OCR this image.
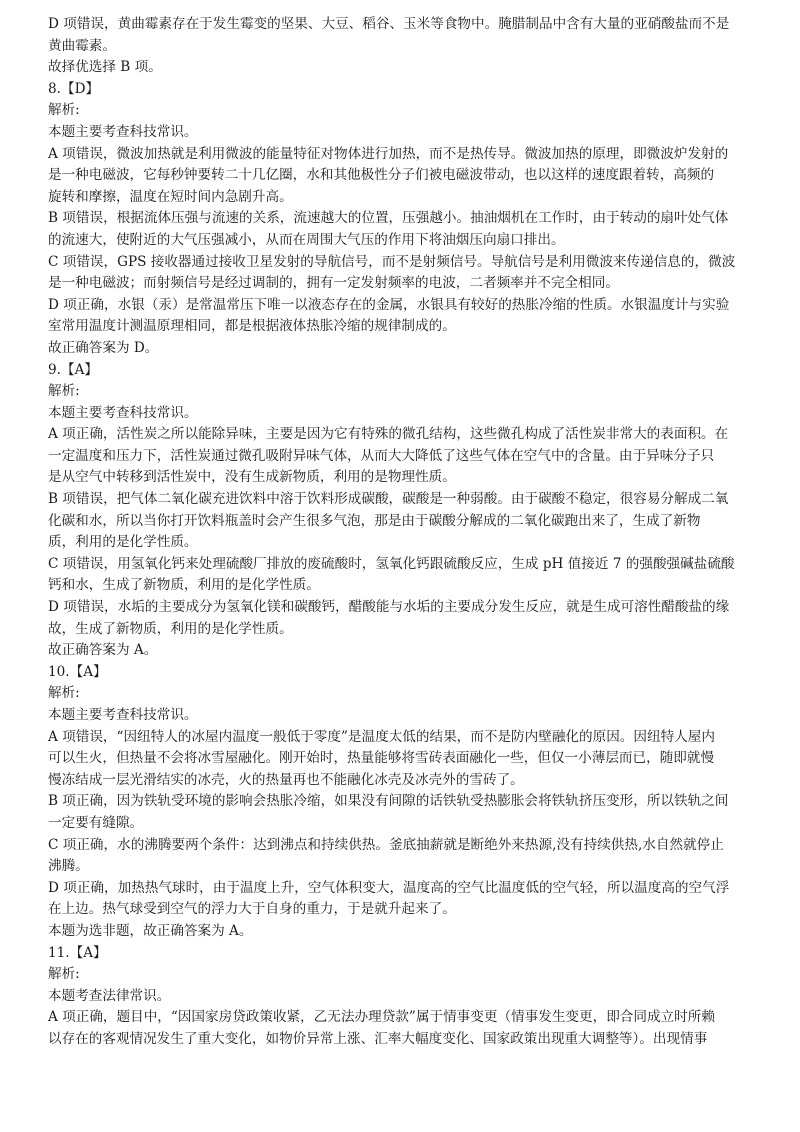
D 项错误，黄曲霉素存在于发生霉变的坚果、大豆、稻谷、玉米等食物中。腌腊制品中含有大量的亚硝酸盐而不是
黄曲霉素。
故择优选择 B 项。
8.【D】
解析:
本题主要考查科技常识。
A 项错误，微波加热就是利用微波的能量特征对物体进行加热，而不是热传导。微波加热的原理，即微波炉发射的
是一种电磁波，它每秒钟要转二十几亿圈，水和其他极性分子们被电磁波带动，也以这样的速度跟着转，高频的
旋转和摩擦，温度在短时间内急剧升高。
B 项错误，根据流体压强与流速的关系，流速越大的位置，压强越小。抽油烟机在工作时，由于转动的扇叶处气体
的流速大，使附近的大气压强减小，从而在周围大气压的作用下将油烟压向扇口排出。
C 项错误，GPS 接收器通过接收卫星发射的导航信号，而不是射频信号。导航信号是利用微波来传递信息的，微波
是一种电磁波；而射频信号是经过调制的，拥有一定发射频率的电波，二者频率并不完全相同。
D 项正确，水银（汞）是常温常压下唯一以液态存在的金属，水银具有较好的热胀冷缩的性质。水银温度计与实验
室常用温度计测温原理相同，都是根据液体热胀冷缩的规律制成的。
故正确答案为 D。
9.【A】
解析:
本题主要考查科技常识。
A 项正确，活性炭之所以能除异味，主要是因为它有特殊的微孔结构，这些微孔构成了活性炭非常大的表面积。在
一定温度和压力下，活性炭通过微孔吸附异味气体，从而大大降低了这些气体在空气中的含量。由于异味分子只
是从空气中转移到活性炭中，没有生成新物质，利用的是物理性质。
B 项错误，把气体二氧化碳充进饮料中溶于饮料形成碳酸，碳酸是一种弱酸。由于碳酸不稳定，很容易分解成二氧
化碳和水，所以当你打开饮料瓶盖时会产生很多气泡，那是由于碳酸分解成的二氧化碳跑出来了，生成了新物
质，利用的是化学性质。
C 项错误，用氢氧化钙来处理硫酸厂排放的废硫酸时，氢氧化钙跟硫酸反应，生成 pH 值接近 7 的强酸强碱盐硫酸
钙和水，生成了新物质，利用的是化学性质。
D 项错误，水垢的主要成分为氢氧化镁和碳酸钙，醋酸能与水垢的主要成分发生反应，就是生成可溶性醋酸盐的缘
故，生成了新物质，利用的是化学性质。
故正确答案为 A。
10.【A】
解析:
本题主要考查科技常识。
A 项错误，“因纽特人的冰屋内温度一般低于零度”是温度太低的结果，而不是防内壁融化的原因。因纽特人屋内
可以生火，但热量不会将冰雪屋融化。刚开始时，热量能够将雪砖表面融化一些，但仅一小薄层而已，随即就慢
慢冻结成一层光滑结实的冰壳，火的热量再也不能融化冰壳及冰壳外的雪砖了。
B 项正确，因为铁轨受环境的影响会热胀冷缩，如果没有间隙的话铁轨受热膨胀会将铁轨挤压变形，所以铁轨之间
一定要有缝隙。
C 项正确，水的沸腾要两个条件：达到沸点和持续供热。釜底抽薪就是断绝外来热源,没有持续供热,水自然就停止
沸腾。
D 项正确，加热热气球时，由于温度上升，空气体积变大，温度高的空气比温度低的空气轻，所以温度高的空气浮
在上边。热气球受到空气的浮力大于自身的重力，于是就升起来了。
本题为选非题，故正确答案为 A。
11.【A】
解析:
本题考查法律常识。
A 项正确，题目中，“因国家房贷政策收紧，乙无法办理贷款”属于情事变更（情事发生变更，即合同成立时所赖
以存在的客观情况发生了重大变化，如物价异常上涨、汇率大幅度变化、国家政策出现重大调整等）。出现情事
